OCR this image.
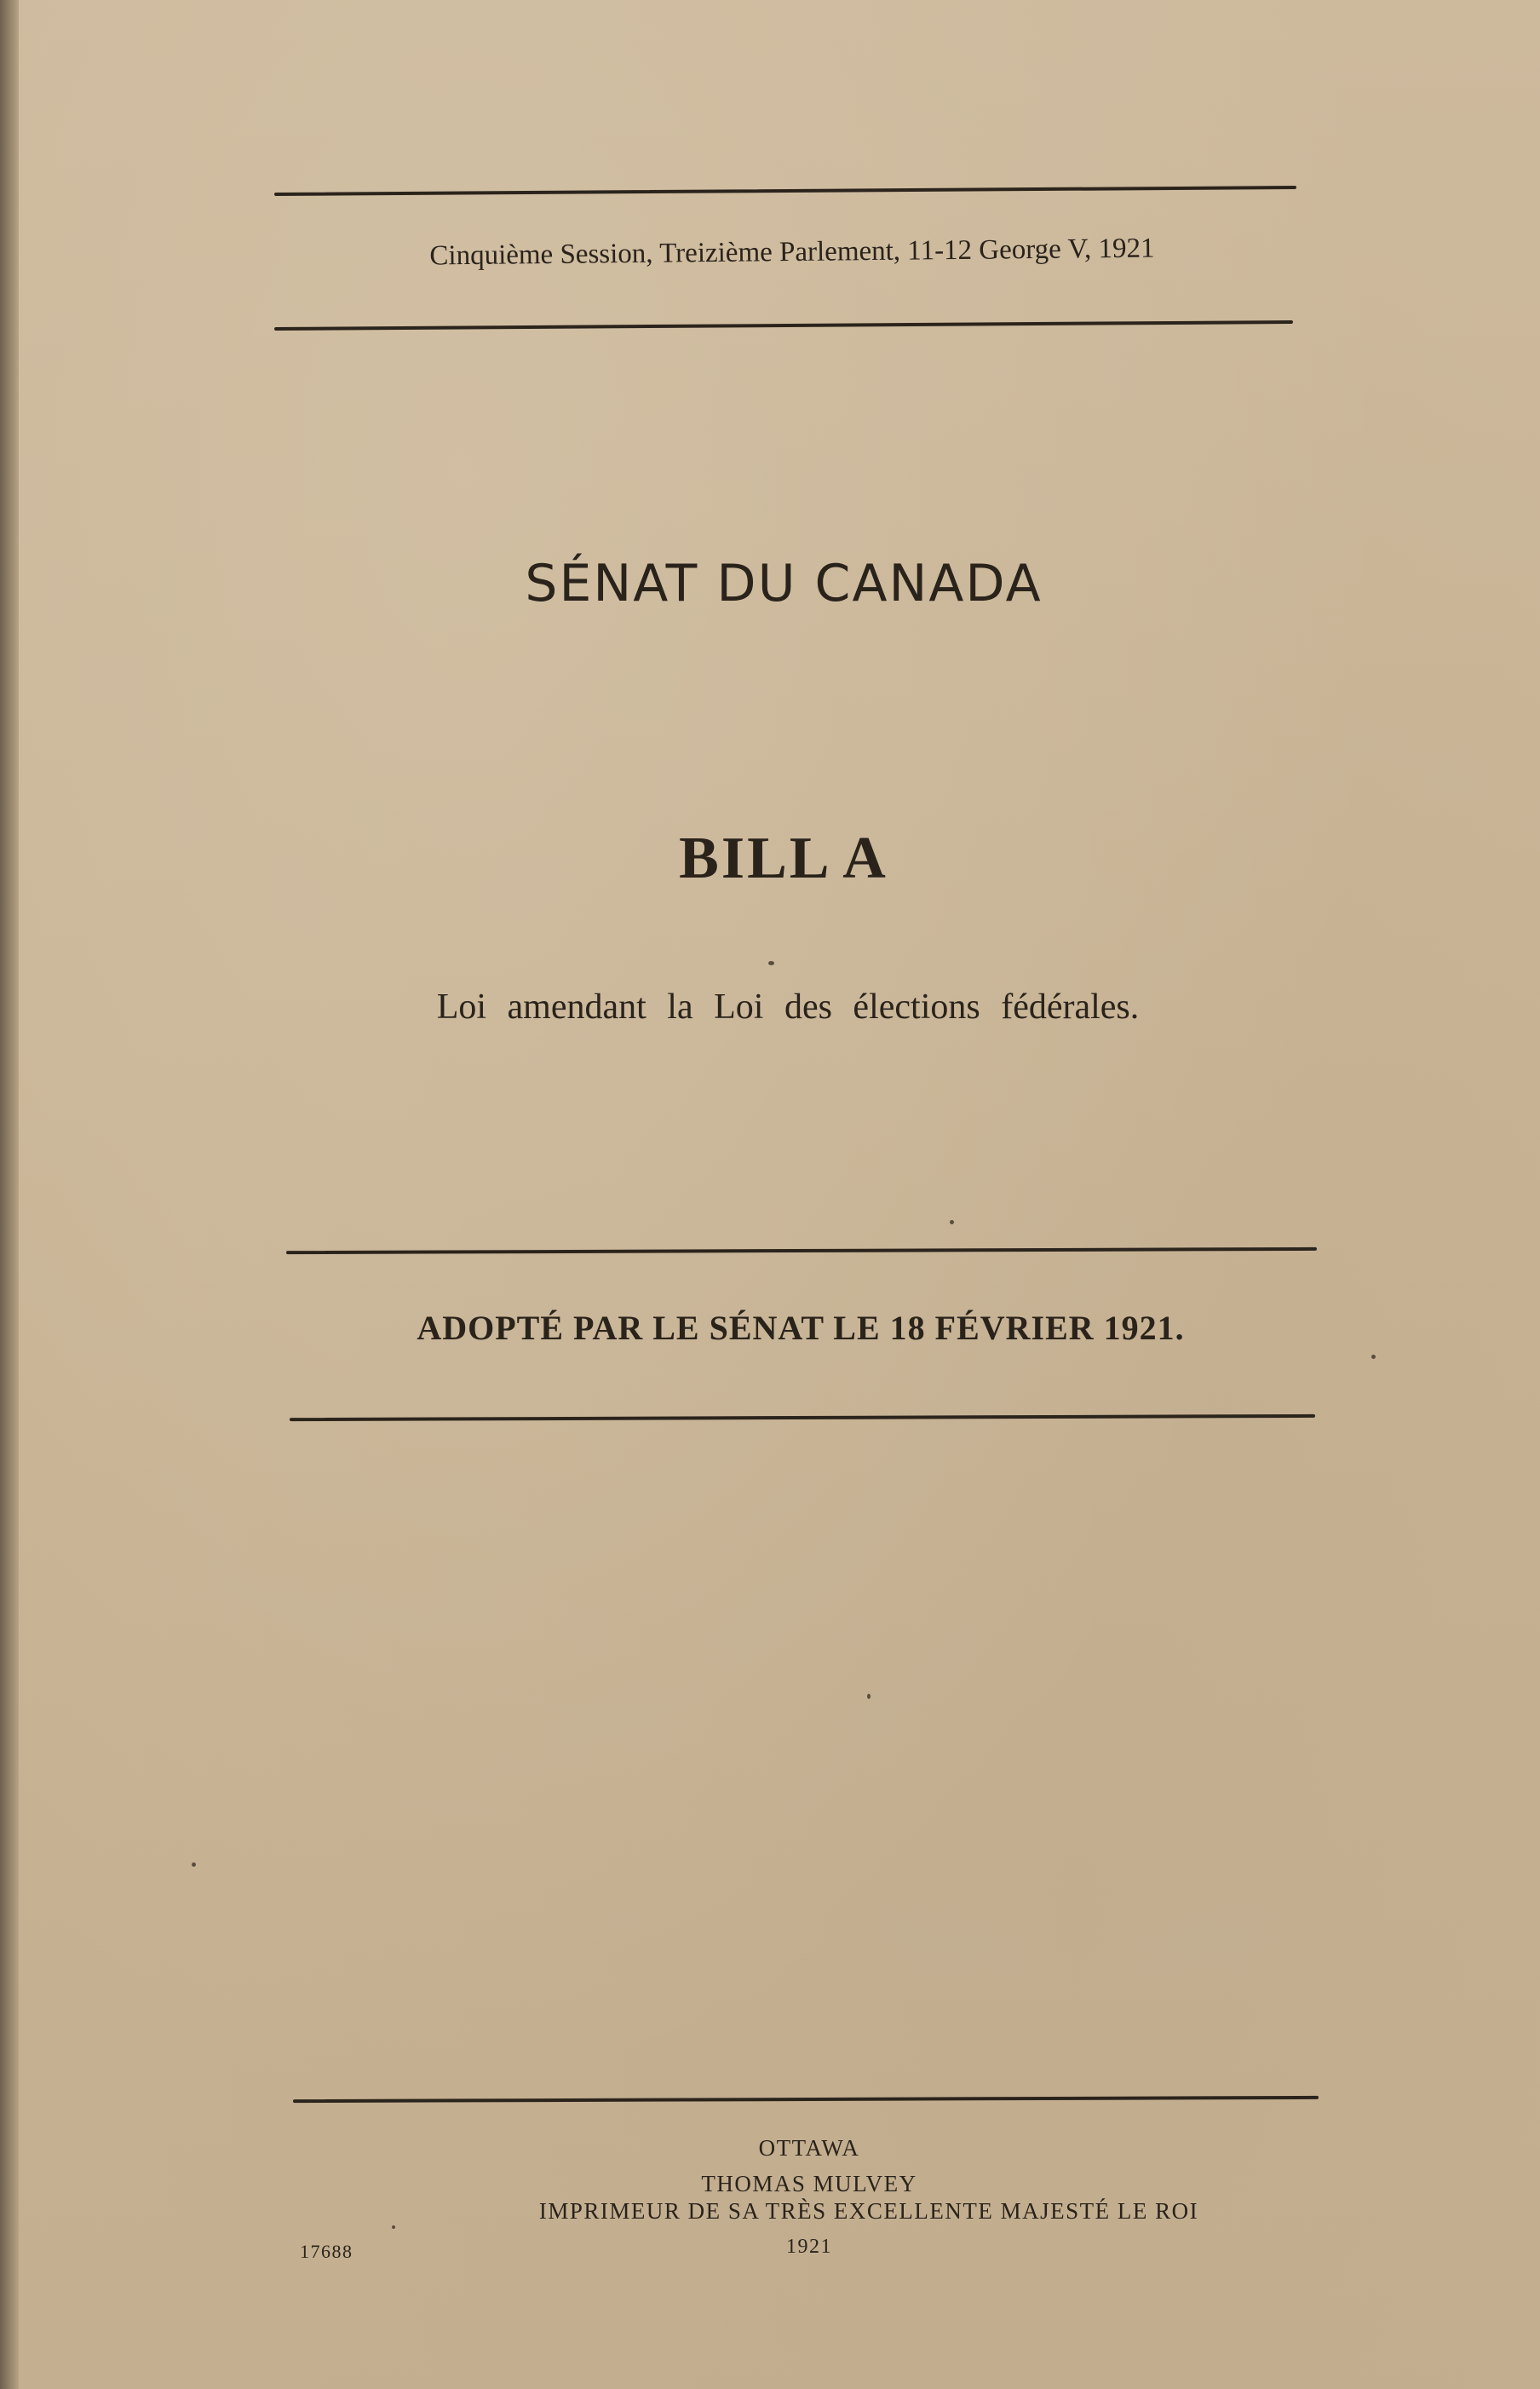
Cinquième Session, Treizième Parlement, 11-12 George V, 1921
SÉNAT DU CANADA
BILL A
Loi amendant la Loi des élections fédérales.
ADOPTÉ PAR LE SÉNAT LE 18 FÉVRIER 1921.
OTTAWA
THOMAS MULVEY
IMPRIMEUR DE SA TRÈS EXCELLENTE MAJESTÉ LE ROI
1921
17688
